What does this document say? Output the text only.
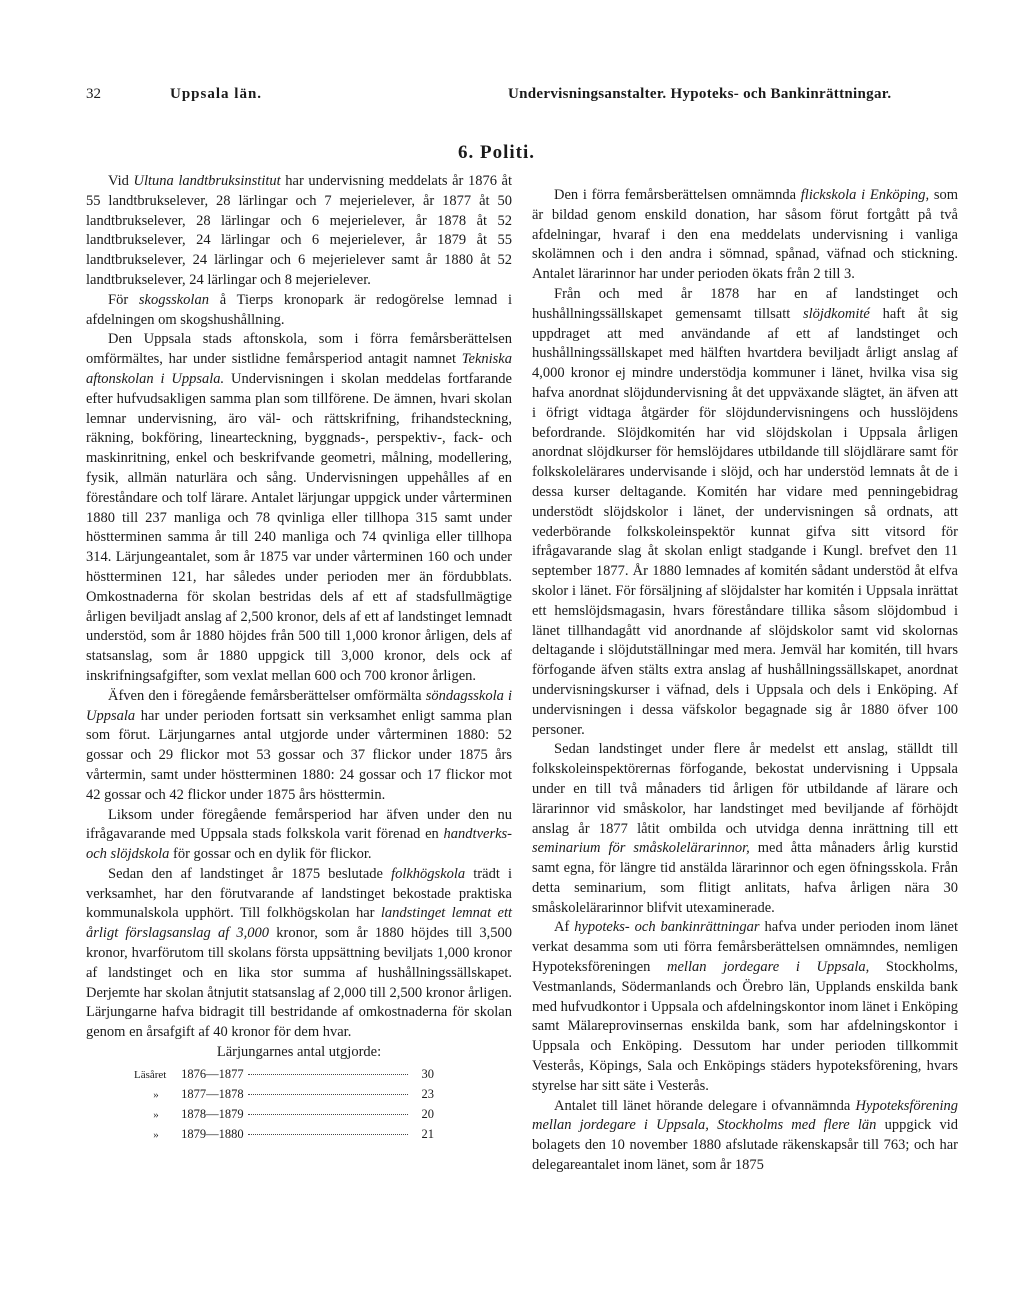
32	Uppsala län.	Undervisningsanstalter. Hypoteks- och Bankinrättningar.
6. Politi.

Vid Ultuna landtbruksinstitut har undervisning meddelats år 1876 åt 55 landtbrukselever, 28 lärlingar och 7 mejerielever, år 1877 åt 50 landtbrukselever, 28 lärlingar och 6 mejerielever, år 1878 åt 52 landtbrukselever, 24 lärlingar och 6 mejerielever, år 1879 åt 55 landtbrukselever, 24 lärlingar och 6 mejerielever samt år 1880 åt 52 landtbrukselever, 24 lärlingar och 8 mejerielever.

För skogsskolan å Tierps kronopark är redogörelse lemnad i afdelningen om skogshushållning.

Den Uppsala stads aftonskola, som i förra femårsberättelsen omförmältes, har under sistlidne femårsperiod antagit namnet Tekniska aftonskolan i Uppsala. Undervisningen i skolan meddelas fortfarande efter hufvudsakligen samma plan som tillförene. De ämnen, hvari skolan lemnar undervisning, äro väl- och rättskrifning, frihandsteckning, räkning, bokföring, linearteckning, byggnads-, perspektiv-, fack- och maskinritning, enkel och beskrifvande geometri, målning, modellering, fysik, allmän naturlära och sång. Undervisningen uppehålles af en föreståndare och tolf lärare. Antalet lärjungar uppgick under vårterminen 1880 till 237 manliga och 78 qvinliga eller tillhopa 315 samt under höstterminen samma år till 240 manliga och 74 qvinliga eller tillhopa 314. Lärjungeantalet, som år 1875 var under vårterminen 160 och under höstterminen 121, har således under perioden mer än fördubblats. Omkostnaderna för skolan bestridas dels af ett af stadsfullmägtige årligen beviljadt anslag af 2,500 kronor, dels af ett af landstinget lemnadt understöd, som år 1880 höjdes från 500 till 1,000 kronor årligen, dels af statsanslag, som år 1880 uppgick till 3,000 kronor, dels ock af inskrifningsafgifter, som vexlat mellan 600 och 700 kronor årligen.

Äfven den i föregående femårsberättelser omförmälta söndagsskola i Uppsala har under perioden fortsatt sin verksamhet enligt samma plan som förut. Lärjungarnes antal utgjorde under vårterminen 1880: 52 gossar och 29 flickor mot 53 gossar och 37 flickor under 1875 års vårtermin, samt under höstterminen 1880: 24 gossar och 17 flickor mot 42 gossar och 42 flickor under 1875 års hösttermin.

Liksom under föregående femårsperiod har äfven under den nu ifrågavarande med Uppsala stads folkskola varit förenad en handtverks- och slöjdskola för gossar och en dylik för flickor.

Sedan den af landstinget år 1875 beslutade folkhögskola trädt i verksamhet, har den förutvarande af landstinget bekostade praktiska kommunalskola upphört. Till folkhögskolan har landstinget lemnat ett årligt förslagsanslag af 3,000 kronor, som år 1880 höjdes till 3,500 kronor, hvarförutom till skolans första uppsättning beviljats 1,000 kronor af landstinget och en lika stor summa af hushållningssällskapet. Derjemte har skolan åtnjutit statsanslag af 2,000 till 2,500 kronor årligen. Lärjungarne hafva bidragit till bestridande af omkostnaderna för skolan genom en årsafgift af 40 kronor för dem hvar.

Lärjungarnes antal utgjorde:

Läsåret 1876—1877	30
» 1877—1878	23
» 1878—1879	20
» 1879—1880	21

Den i förra femårsberättelsen omnämnda flickskola i Enköping, som är bildad genom enskild donation, har såsom förut fortgått på två afdelningar, hvaraf i den ena meddelats undervisning i vanliga skolämnen och i den andra i sömnad, spånad, väfnad och stickning. Antalet lärarinnor har under perioden ökats från 2 till 3.

Från och med år 1878 har en af landstinget och hushållningssällskapet gemensamt tillsatt slöjdkomité haft åt sig uppdraget att med användande af ett af landstinget och hushållningssällskapet med hälften hvartdera beviljadt årligt anslag af 4,000 kronor ej mindre understödja kommuner i länet, hvilka visa sig hafva anordnat slöjdundervisning åt det uppväxande slägtet, än äfven att i öfrigt vidtaga åtgärder för slöjdundervisningens och husslöjdens befordrande. Slöjdkomitén har vid slöjdskolan i Uppsala årligen anordnat slöjdkurser för hemslöjdares utbildande till slöjdlärare samt för folkskolelärares undervisande i slöjd, och har understöd lemnats åt de i dessa kurser deltagande. Komitén har vidare med penningebidrag understödt slöjdskolor i länet, der undervisningen så ordnats, att vederbörande folkskoleinspektör kunnat gifva sitt vitsord för ifrågavarande slag åt skolan enligt stadgande i Kungl. brefvet den 11 september 1877. År 1880 lemnades af komitén sådant understöd åt elfva skolor i länet. För försäljning af slöjdalster har komitén i Uppsala inrättat ett hemslöjdsmagasin, hvars föreståndare tillika såsom slöjdombud i länet tillhandagått vid anordnande af slöjdskolor samt vid skolornas deltagande i slöjdutställningar med mera. Jemväl har komitén, till hvars förfogande äfven stälts extra anslag af hushållningssällskapet, anordnat undervisningskurser i väfnad, dels i Uppsala och dels i Enköping. Af undervisningen i dessa väfskolor begagnade sig år 1880 öfver 100 personer.

Sedan landstinget under flere år medelst ett anslag, ställdt till folkskoleinspektörernas förfogande, bekostat undervisning i Uppsala under en till två månaders tid årligen för utbildande af lärare och lärarinnor vid småskolor, har landstinget med beviljande af förhöjdt anslag år 1877 låtit ombilda och utvidga denna inrättning till ett seminarium för småskolelärarinnor, med åtta månaders årlig kurstid samt egna, för längre tid anstälda lärarinnor och egen öfningsskola. Från detta seminarium, som flitigt anlitats, hafva årligen nära 30 småskolelärarinnor blifvit utexaminerade.

Af hypoteks- och bankinrättningar hafva under perioden inom länet verkat desamma som uti förra femårsberättelsen omnämndes, nemligen Hypoteksföreningen mellan jordegare i Uppsala, Stockholms, Vestmanlands, Södermanlands och Örebro län, Upplands enskilda bank med hufvudkontor i Uppsala och afdelningskontor inom länet i Enköping samt Mälareprovinsernas enskilda bank, som har afdelningskontor i Uppsala och Enköping. Dessutom har under perioden tillkommit Vesterås, Köpings, Sala och Enköpings städers hypoteksförening, hvars styrelse har sitt säte i Vesterås.

Antalet till länet hörande delegare i ofvannämnda Hypoteksförening mellan jordegare i Uppsala, Stockholms med flere län uppgick vid bolagets den 10 november 1880 afslutade räkenskapsår till 763; och har delegareantalet inom länet, som år 1875
